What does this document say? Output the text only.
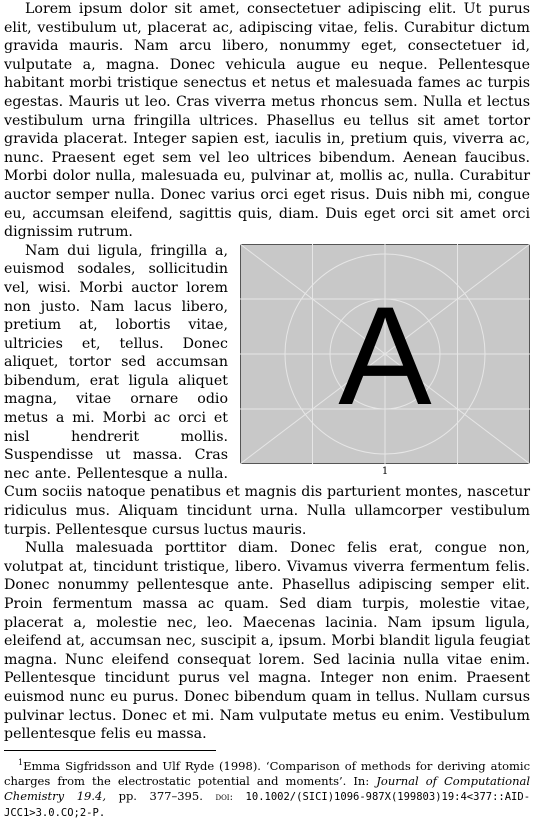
Lorem ipsum dolor sit amet, consectetuer adipiscing elit. Ut purus elit, vestibulum ut, placerat ac, adipiscing vitae, felis. Curabitur dictum gravida mauris. Nam arcu libero, nonummy eget, consectetuer id, vulputate a, magna. Donec vehicula augue eu neque. Pellentesque habitant morbi tristique senectus et netus et malesuada fames ac turpis egestas. Mauris ut leo. Cras viverra metus rhoncus sem. Nulla et lectus vestibulum urna fringilla ultrices. Phasellus eu tellus sit amet tortor gravida placerat. Integer sapien est, iaculis in, pretium quis, viverra ac, nunc. Praesent eget sem vel leo ultrices bibendum. Aenean faucibus. Morbi dolor nulla, malesuada eu, pulvinar at, mollis ac, nulla. Curabitur auctor semper nulla. Donec varius orci eget risus. Duis nibh mi, congue eu, accumsan eleifend, sagittis quis, diam. Duis eget orci sit amet orci dignissim rutrum.

A
1

Nam dui ligula, fringilla a, euismod sodales, sollicitudin vel, wisi. Morbi auctor lorem non justo. Nam lacus libero, pretium at, lobortis vitae, ultricies et, tellus. Donec aliquet, tortor sed accumsan bibendum, erat ligula aliquet magna, vitae ornare odio metus a mi. Morbi ac orci et nisl hendrerit mollis. Suspendisse ut massa. Cras nec ante. Pellentesque a nulla. Cum sociis natoque penatibus et magnis dis parturient montes, nascetur ridiculus mus. Aliquam tincidunt urna. Nulla ullamcorper vestibulum turpis. Pellentesque cursus luctus mauris.

Nulla malesuada porttitor diam. Donec felis erat, congue non, volutpat at, tincidunt tristique, libero. Vivamus viverra fermentum felis. Donec nonummy pellentesque ante. Phasellus adipiscing semper elit. Proin fermentum massa ac quam. Sed diam turpis, molestie vitae, placerat a, molestie nec, leo. Maecenas lacinia. Nam ipsum ligula, eleifend at, accumsan nec, suscipit a, ipsum. Morbi blandit ligula feugiat magna. Nunc eleifend consequat lorem. Sed lacinia nulla vitae enim. Pellentesque tincidunt purus vel magna. Integer non enim. Praesent euismod nunc eu purus. Donec bibendum quam in tellus. Nullam cursus pulvinar lectus. Donec et mi. Nam vulputate metus eu enim. Vestibulum pellentesque felis eu massa.

$^1$Emma Sigfridsson and Ulf Ryde (1998). ‘Comparison of methods for deriving atomic charges from the electrostatic potential and moments’. In: Journal of Computational Chemistry 19.4, pp. 377–395. doi: 10.1002/(SICI)1096-987X(199803)19:4<377::AID-JCC1>3.0.CO;2-P.
